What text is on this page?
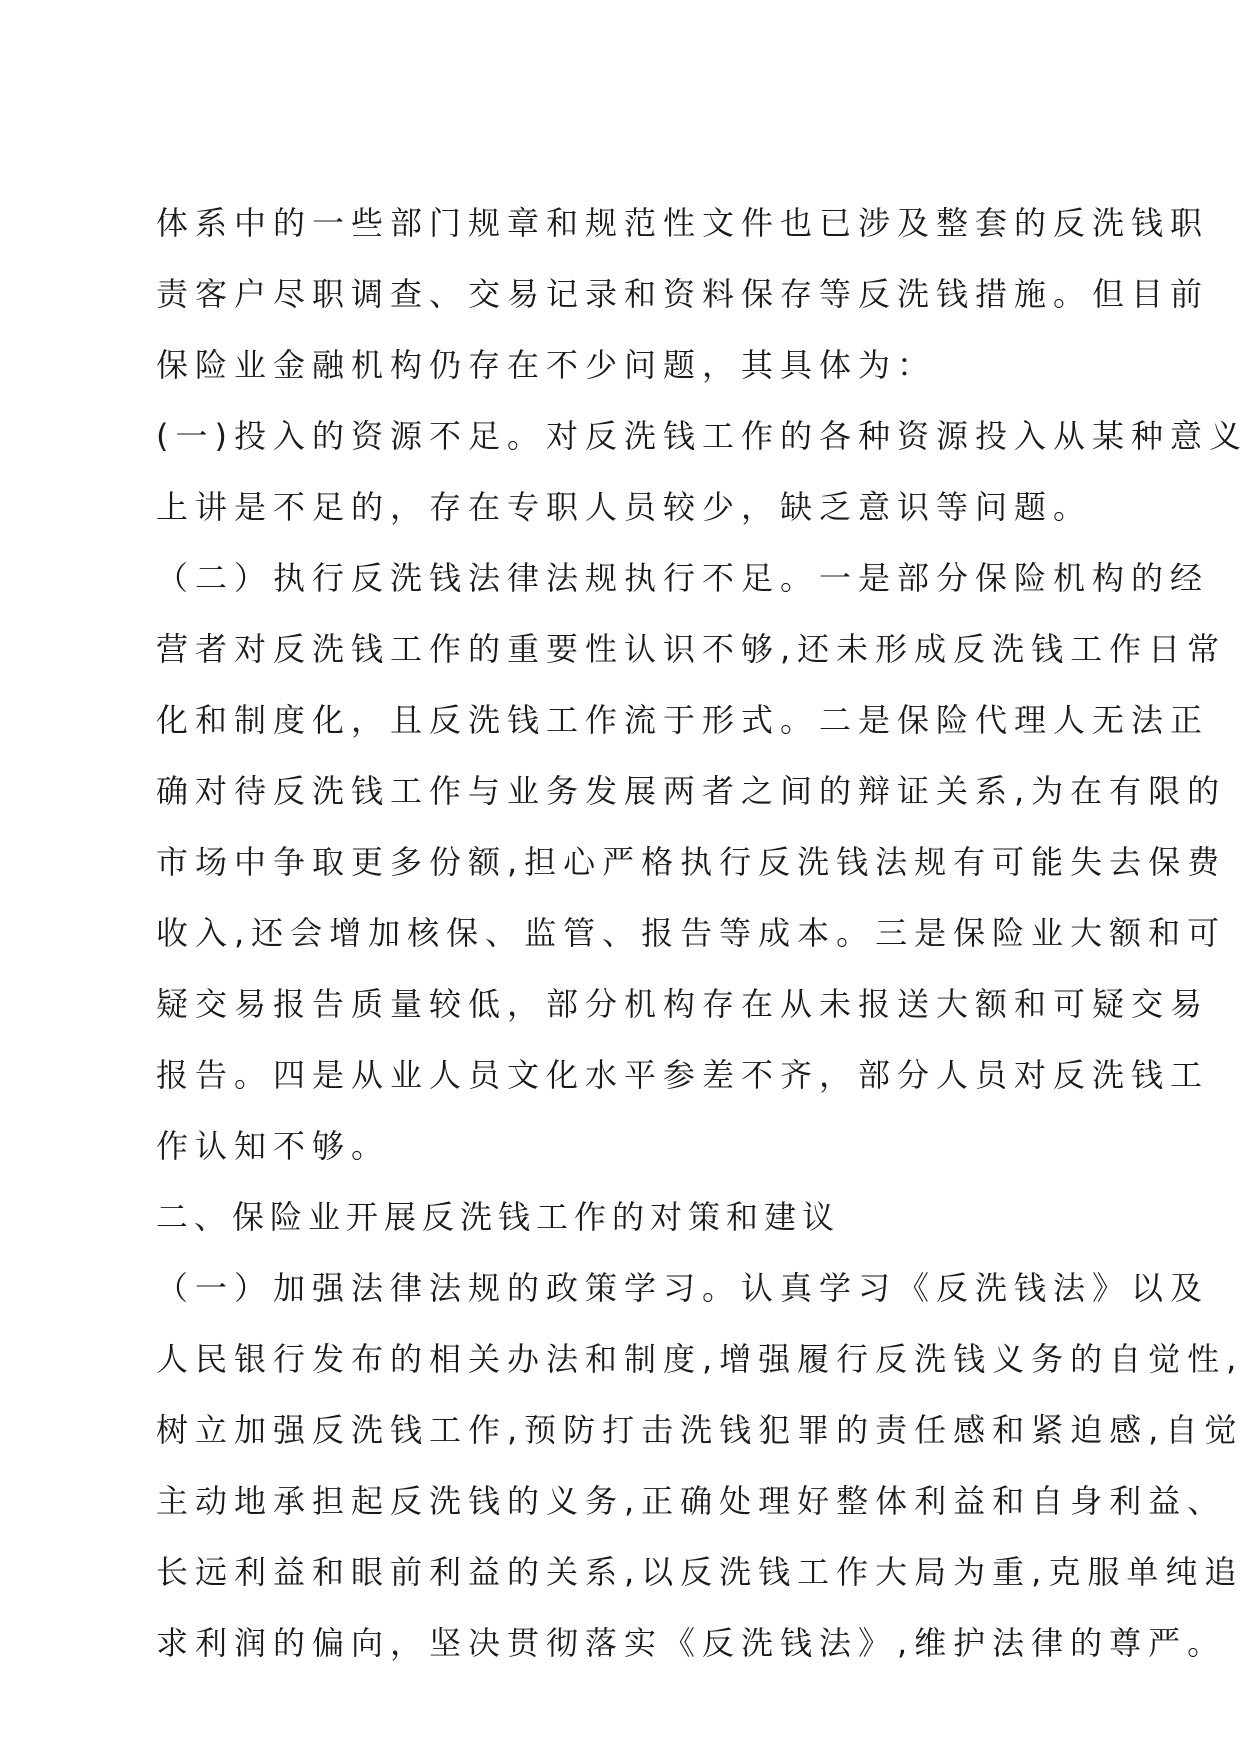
体系中的一些部门规章和规范性文件也已涉及整套的反洗钱职
责客户尽职调查、交易记录和资料保存等反洗钱措施。但目前
保险业金融机构仍存在不少问题，其具体为：
(一)投入的资源不足。对反洗钱工作的各种资源投入从某种意义
上讲是不足的，存在专职人员较少，缺乏意识等问题。
（二）执行反洗钱法律法规执行不足。一是部分保险机构的经
营者对反洗钱工作的重要性认识不够,还未形成反洗钱工作日常
化和制度化，且反洗钱工作流于形式。二是保险代理人无法正
确对待反洗钱工作与业务发展两者之间的辩证关系,为在有限的
市场中争取更多份额,担心严格执行反洗钱法规有可能失去保费
收入,还会增加核保、监管、报告等成本。三是保险业大额和可
疑交易报告质量较低，部分机构存在从未报送大额和可疑交易
报告。四是从业人员文化水平参差不齐，部分人员对反洗钱工
作认知不够。
二、保险业开展反洗钱工作的对策和建议
（一）加强法律法规的政策学习。认真学习《反洗钱法》以及
人民银行发布的相关办法和制度,增强履行反洗钱义务的自觉性,
树立加强反洗钱工作,预防打击洗钱犯罪的责任感和紧迫感,自觉
主动地承担起反洗钱的义务,正确处理好整体利益和自身利益、
长远利益和眼前利益的关系,以反洗钱工作大局为重,克服单纯追
求利润的偏向，坚决贯彻落实《反洗钱法》,维护法律的尊严。
